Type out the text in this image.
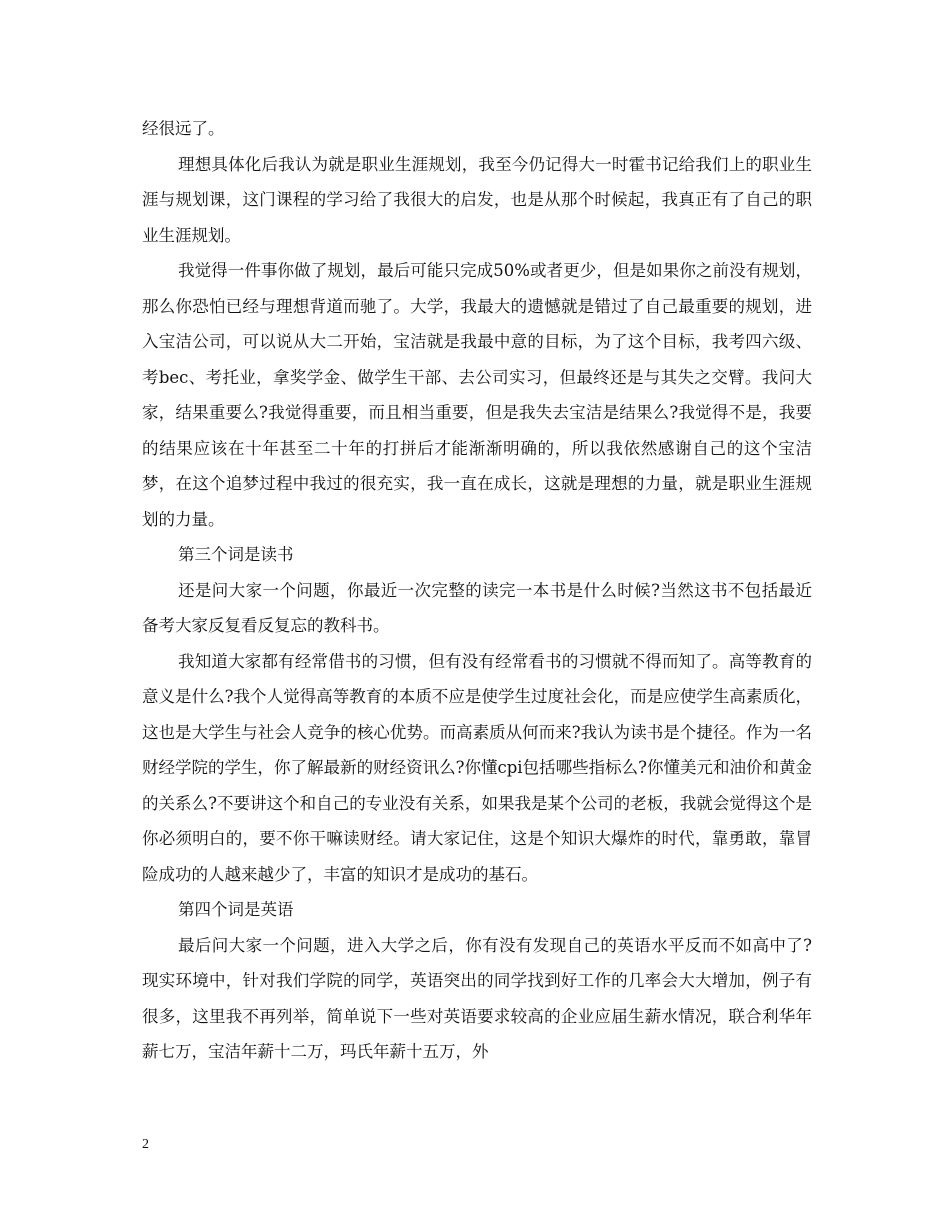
经很远了。

理想具体化后我认为就是职业生涯规划，我至今仍记得大一时霍书记给我们上的职业生涯与规划课，这门课程的学习给了我很大的启发，也是从那个时候起，我真正有了自己的职业生涯规划。

我觉得一件事你做了规划，最后可能只完成50%或者更少，但是如果你之前没有规划，那么你恐怕已经与理想背道而驰了。大学，我最大的遗憾就是错过了自己最重要的规划，进入宝洁公司，可以说从大二开始，宝洁就是我最中意的目标，为了这个目标，我考四六级、考bec、考托业，拿奖学金、做学生干部、去公司实习，但最终还是与其失之交臂。我问大家，结果重要么?我觉得重要，而且相当重要，但是我失去宝洁是结果么?我觉得不是，我要的结果应该在十年甚至二十年的打拼后才能渐渐明确的，所以我依然感谢自己的这个宝洁梦，在这个追梦过程中我过的很充实，我一直在成长，这就是理想的力量，就是职业生涯规划的力量。

第三个词是读书

还是问大家一个问题，你最近一次完整的读完一本书是什么时候?当然这书不包括最近备考大家反复看反复忘的教科书。

我知道大家都有经常借书的习惯，但有没有经常看书的习惯就不得而知了。高等教育的意义是什么?我个人觉得高等教育的本质不应是使学生过度社会化，而是应使学生高素质化，这也是大学生与社会人竞争的核心优势。而高素质从何而来?我认为读书是个捷径。作为一名财经学院的学生，你了解最新的财经资讯么?你懂cpi包括哪些指标么?你懂美元和油价和黄金的关系么?不要讲这个和自己的专业没有关系，如果我是某个公司的老板，我就会觉得这个是你必须明白的，要不你干嘛读财经。请大家记住，这是个知识大爆炸的时代，靠勇敢，靠冒险成功的人越来越少了，丰富的知识才是成功的基石。

第四个词是英语

最后问大家一个问题，进入大学之后，你有没有发现自己的英语水平反而不如高中了?现实环境中，针对我们学院的同学，英语突出的同学找到好工作的几率会大大增加，例子有很多，这里我不再列举，简单说下一些对英语要求较高的企业应届生薪水情况，联合利华年薪七万，宝洁年薪十二万，玛氏年薪十五万，外

2
